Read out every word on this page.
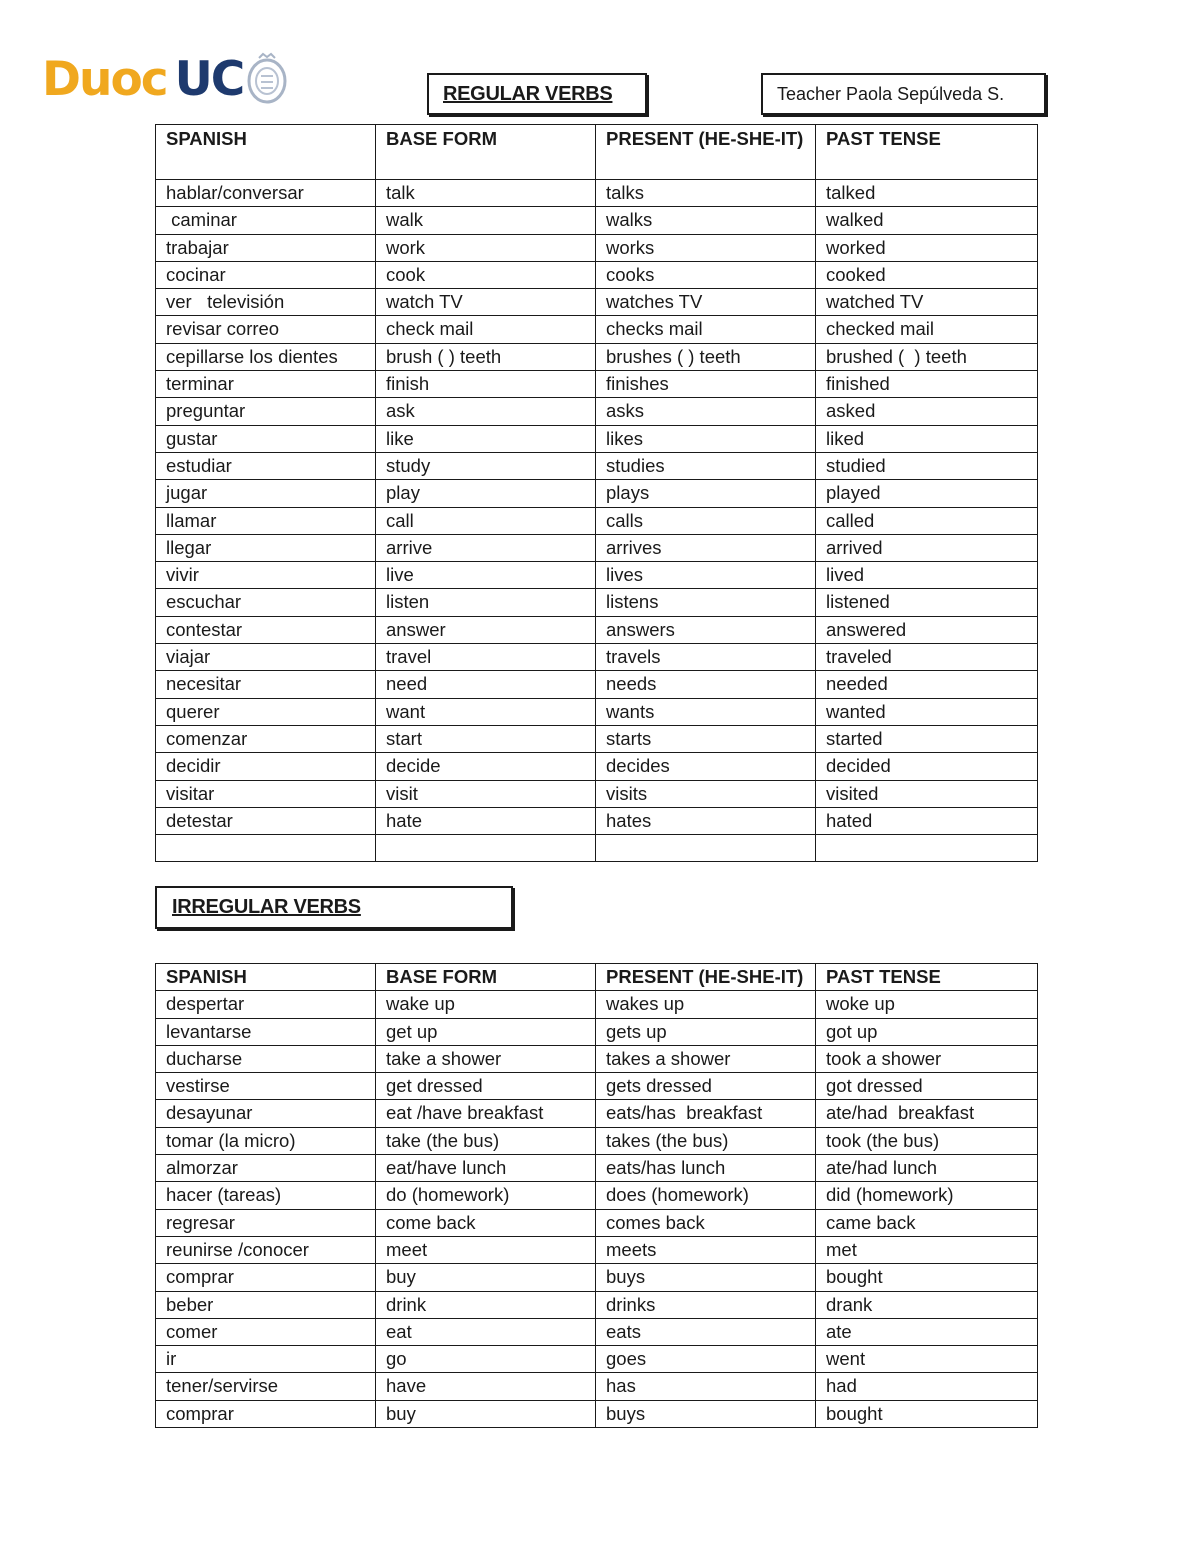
Duoc UC	REGULAR VERBS	Teacher Paola Sepúlveda S.
SPANISH	BASE FORM	PRESENT (HE-SHE-IT)	PAST TENSE
hablar/conversar	talk	talks	talked
caminar	walk	walks	walked
trabajar	work	works	worked
cocinar	cook	cooks	cooked
ver   televisión	watch TV	watches TV	watched TV
revisar correo	check mail	checks mail	checked mail
cepillarse los dientes	brush ( ) teeth	brushes ( ) teeth	brushed (  ) teeth
terminar	finish	finishes	finished
preguntar	ask	asks	asked
gustar	like	likes	liked
estudiar	study	studies	studied
jugar	play	plays	played
llamar	call	calls	called
llegar	arrive	arrives	arrived
vivir	live	lives	lived
escuchar	listen	listens	listened
contestar	answer	answers	answered
viajar	travel	travels	traveled
necesitar	need	needs	needed
querer	want	wants	wanted
comenzar	start	starts	started
decidir	decide	decides	decided
visitar	visit	visits	visited
detestar	hate	hates	hated

IRREGULAR VERBS
SPANISH	BASE FORM	PRESENT (HE-SHE-IT)	PAST TENSE
despertar	wake up	wakes up	woke up
levantarse	get up	gets up	got up
ducharse	take a shower	takes a shower	took a shower
vestirse	get dressed	gets dressed	got dressed
desayunar	eat /have breakfast	eats/has  breakfast	ate/had  breakfast
tomar (la micro)	take (the bus)	takes (the bus)	took (the bus)
almorzar	eat/have lunch	eats/has lunch	ate/had lunch
hacer (tareas)	do (homework)	does (homework)	did (homework)
regresar	come back	comes back	came back
reunirse /conocer	meet	meets	met
comprar	buy	buys	bought
beber	drink	drinks	drank
comer	eat	eats	ate
ir	go	goes	went
tener/servirse	have	has	had
comprar	buy	buys	bought
